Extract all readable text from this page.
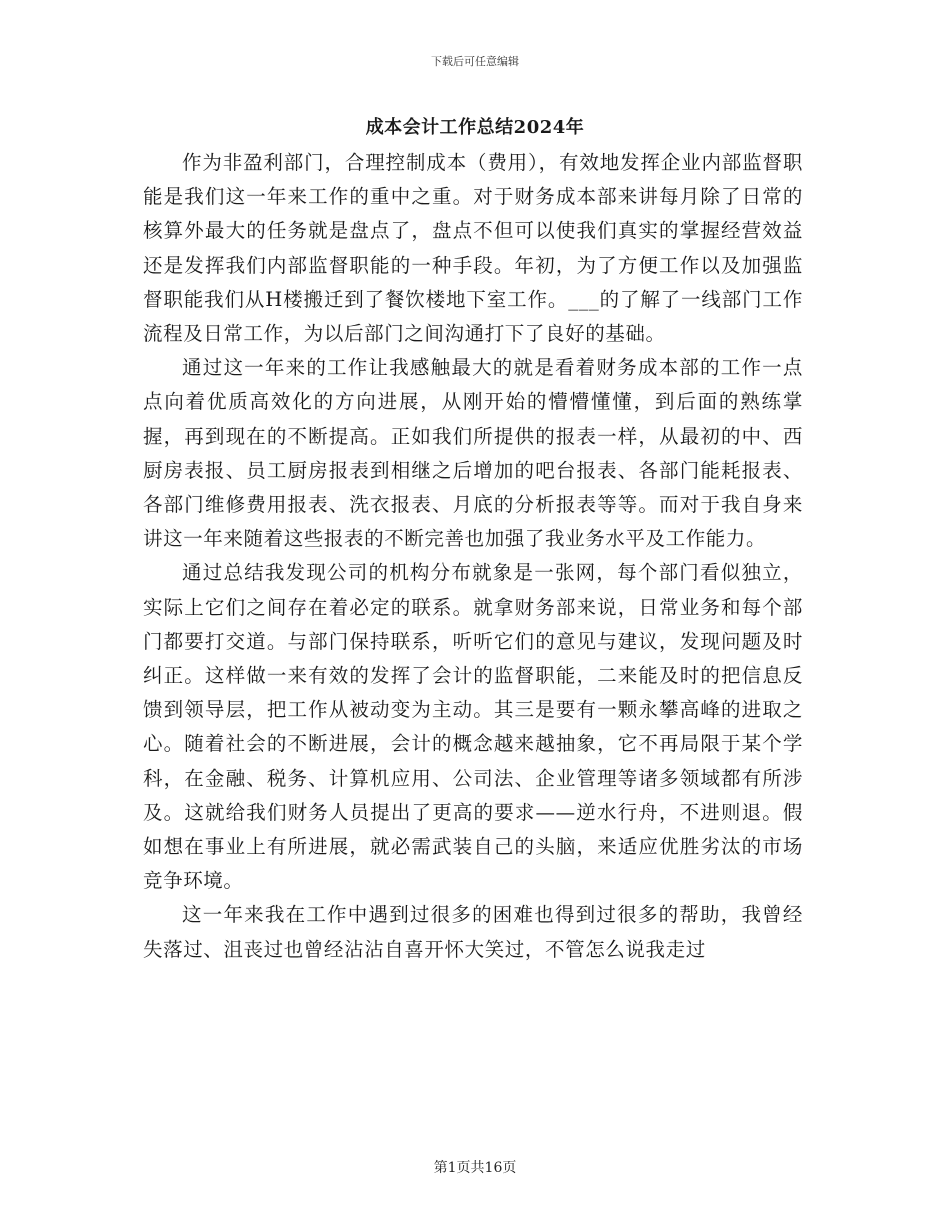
下载后可任意编辑
成本会计工作总结2024年

作为非盈利部门，合理控制成本（费用），有效地发挥企业内部监督职能是我们这一年来工作的重中之重。对于财务成本部来讲每月除了日常的核算外最大的任务就是盘点了，盘点不但可以使我们真实的掌握经营效益还是发挥我们内部监督职能的一种手段。年初，为了方便工作以及加强监督职能我们从H楼搬迁到了餐饮楼地下室工作。___的了解了一线部门工作流程及日常工作，为以后部门之间沟通打下了良好的基础。

通过这一年来的工作让我感触最大的就是看着财务成本部的工作一点点向着优质高效化的方向进展，从刚开始的懵懵懂懂，到后面的熟练掌握，再到现在的不断提高。正如我们所提供的报表一样，从最初的中、西厨房表报、员工厨房报表到相继之后增加的吧台报表、各部门能耗报表、各部门维修费用报表、洗衣报表、月底的分析报表等等。而对于我自身来讲这一年来随着这些报表的不断完善也加强了我业务水平及工作能力。

通过总结我发现公司的机构分布就象是一张网，每个部门看似独立，实际上它们之间存在着必定的联系。就拿财务部来说，日常业务和每个部门都要打交道。与部门保持联系，听听它们的意见与建议，发现问题及时纠正。这样做一来有效的发挥了会计的监督职能，二来能及时的把信息反馈到领导层，把工作从被动变为主动。其三是要有一颗永攀高峰的进取之心。随着社会的不断进展，会计的概念越来越抽象，它不再局限于某个学科，在金融、税务、计算机应用、公司法、企业管理等诸多领域都有所涉及。这就给我们财务人员提出了更高的要求——逆水行舟，不进则退。假如想在事业上有所进展，就必需武装自己的头脑，来适应优胜劣汰的市场竞争环境。

这一年来我在工作中遇到过很多的困难也得到过很多的帮助，我曾经失落过、沮丧过也曾经沾沾自喜开怀大笑过，不管怎么说我走过

第1页共16页
